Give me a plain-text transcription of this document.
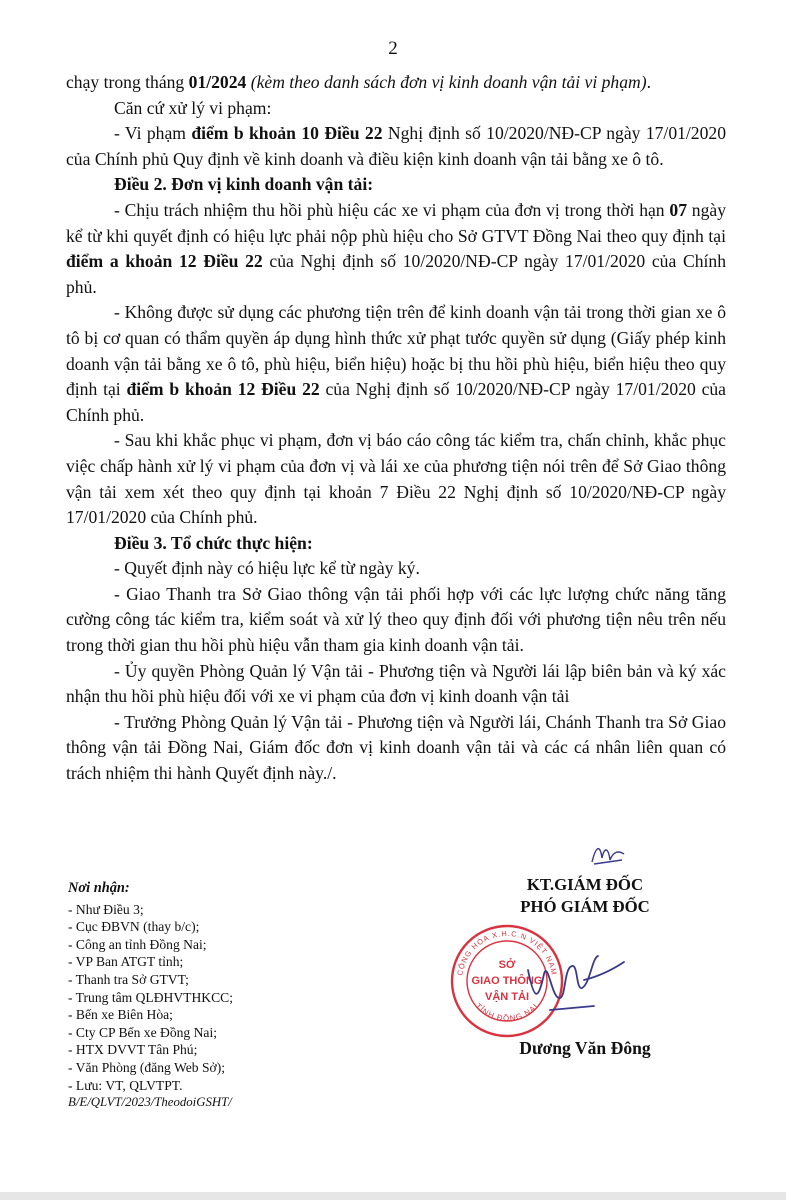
2

chạy trong tháng 01/2024 (kèm theo danh sách đơn vị kinh doanh vận tải vi phạm).

Căn cứ xử lý vi phạm:

- Vi phạm điểm b khoản 10 Điều 22 Nghị định số 10/2020/NĐ-CP ngày 17/01/2020 của Chính phủ Quy định về kinh doanh và điều kiện kinh doanh vận tải bằng xe ô tô.

Điều 2. Đơn vị kinh doanh vận tải:

- Chịu trách nhiệm thu hồi phù hiệu các xe vi phạm của đơn vị trong thời hạn 07 ngày kể từ khi quyết định có hiệu lực phải nộp phù hiệu cho Sở GTVT Đồng Nai theo quy định tại điểm a khoản 12 Điều 22 của Nghị định số 10/2020/NĐ-CP ngày 17/01/2020 của Chính phủ.

- Không được sử dụng các phương tiện trên để kinh doanh vận tải trong thời gian xe ô tô bị cơ quan có thẩm quyền áp dụng hình thức xử phạt tước quyền sử dụng (Giấy phép kinh doanh vận tải bằng xe ô tô, phù hiệu, biển hiệu) hoặc bị thu hồi phù hiệu, biển hiệu theo quy định tại điểm b khoản 12 Điều 22 của Nghị định số 10/2020/NĐ-CP ngày 17/01/2020 của Chính phủ.

- Sau khi khắc phục vi phạm, đơn vị báo cáo công tác kiểm tra, chấn chỉnh, khắc phục việc chấp hành xử lý vi phạm của đơn vị và lái xe của phương tiện nói trên để Sở Giao thông vận tải xem xét theo quy định tại khoản 7 Điều 22 Nghị định số 10/2020/NĐ-CP ngày 17/01/2020 của Chính phủ.

Điều 3. Tổ chức thực hiện:

- Quyết định này có hiệu lực kể từ ngày ký.

- Giao Thanh tra Sở Giao thông vận tải phối hợp với các lực lượng chức năng tăng cường công tác kiểm tra, kiểm soát và xử lý theo quy định đối với phương tiện nêu trên nếu trong thời gian thu hồi phù hiệu vẫn tham gia kinh doanh vận tải.

- Ủy quyền Phòng Quản lý Vận tải - Phương tiện và Người lái lập biên bản và ký xác nhận thu hồi phù hiệu đối với xe vi phạm của đơn vị kinh doanh vận tải

- Trưởng Phòng Quản lý Vận tải - Phương tiện và Người lái, Chánh Thanh tra Sở Giao thông vận tải Đồng Nai, Giám đốc đơn vị kinh doanh vận tải và các cá nhân liên quan có trách nhiệm thi hành Quyết định này./.

Nơi nhận:

- Như Điều 3;

- Cục ĐBVN (thay b/c);

- Công an tỉnh Đồng Nai;

- VP Ban ATGT tỉnh;

- Thanh tra Sở GTVT;

- Trung tâm QLĐHVTHKCC;

- Bến xe Biên Hòa;

- Cty CP Bến xe Đồng Nai;

- HTX DVVT Tân Phú;

- Văn Phòng (đăng Web Sở);

- Lưu: VT, QLVTPT.

B/E/QLVT/2023/TheodoiGSHT/

KT.GIÁM ĐỐC
PHÓ GIÁM ĐỐC
CỘNG HÒA X.H.C.N VIỆT NAM
TỈNH ĐỒNG NAI
SỞ
GIAO THÔNG
VẬN TẢI
Dương Văn Đông
